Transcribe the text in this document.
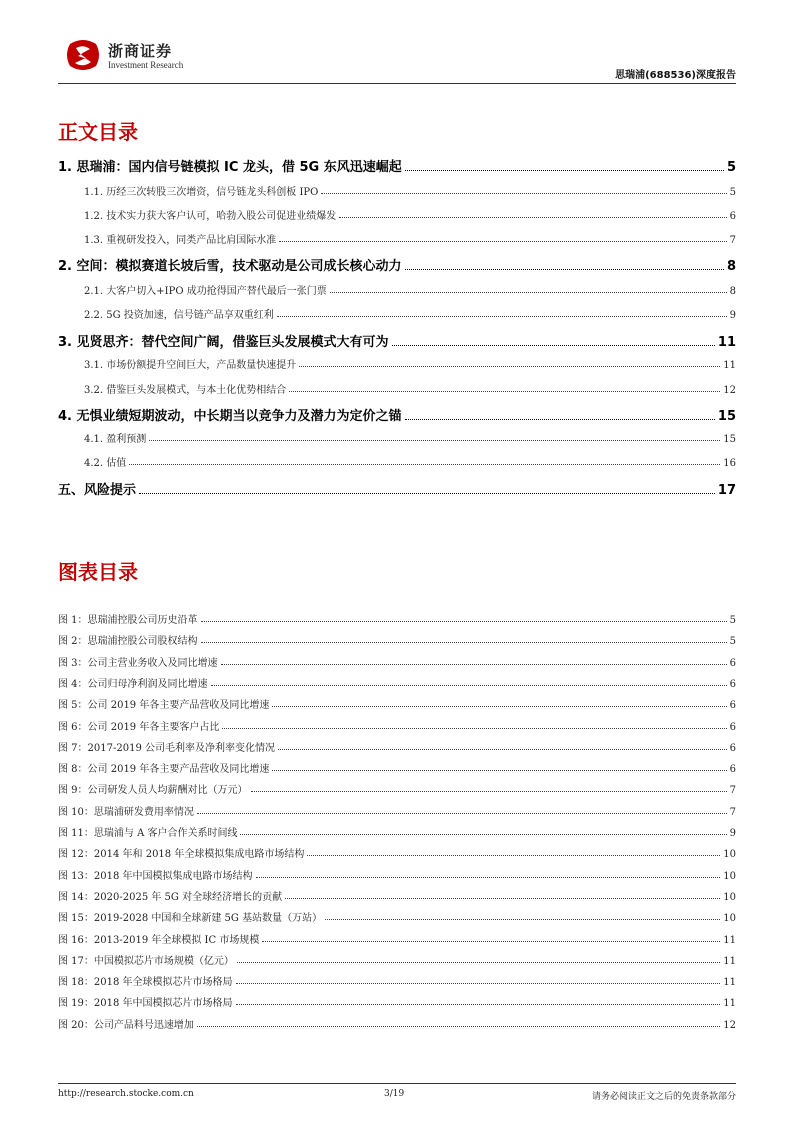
浙商证券
Investment Research
思瑞浦(688536)深度报告
正文目录
1. 思瑞浦：国内信号链模拟 IC 龙头，借 5G 东风迅速崛起	5
1.1. 历经三次转股三次增资，信号链龙头科创板 IPO	5
1.2. 技术实力获大客户认可，哈勃入股公司促进业绩爆发	6
1.3. 重视研发投入，同类产品比肩国际水准	7
2. 空间：模拟赛道长坡后雪，技术驱动是公司成长核心动力	8
2.1. 大客户切入+IPO 成功抢得国产替代最后一张门票	8
2.2. 5G 投资加速，信号链产品享双重红利	9
3. 见贤思齐：替代空间广阔，借鉴巨头发展模式大有可为	11
3.1. 市场份额提升空间巨大，产品数量快速提升	11
3.2. 借鉴巨头发展模式，与本土化优势相结合	12
4. 无惧业绩短期波动，中长期当以竞争力及潜力为定价之锚	15
4.1. 盈利预测	15
4.2. 估值	16
五、风险提示	17
图表目录
图 1：思瑞浦控股公司历史沿革	5
图 2：思瑞浦控股公司股权结构	5
图 3：公司主营业务收入及同比增速	6
图 4：公司归母净利润及同比增速	6
图 5：公司 2019 年各主要产品营收及同比增速	6
图 6：公司 2019 年各主要客户占比	6
图 7：2017-2019 公司毛利率及净利率变化情况	6
图 8：公司 2019 年各主要产品营收及同比增速	6
图 9：公司研发人员人均薪酬对比（万元）	7
图 10：思瑞浦研发费用率情况	7
图 11：思瑞浦与 A 客户合作关系时间线	9
图 12：2014 年和 2018 年全球模拟集成电路市场结构	10
图 13：2018 年中国模拟集成电路市场结构	10
图 14：2020-2025 年 5G 对全球经济增长的贡献	10
图 15：2019-2028 中国和全球新建 5G 基站数量（万站）	10
图 16：2013-2019 年全球模拟 IC 市场规模	11
图 17：中国模拟芯片市场规模（亿元）	11
图 18：2018 年全球模拟芯片市场格局	11
图 19：2018 年中国模拟芯片市场格局	11
图 20：公司产品料号迅速增加	12
http://research.stocke.com.cn	3/19	请务必阅读正文之后的免责条款部分
